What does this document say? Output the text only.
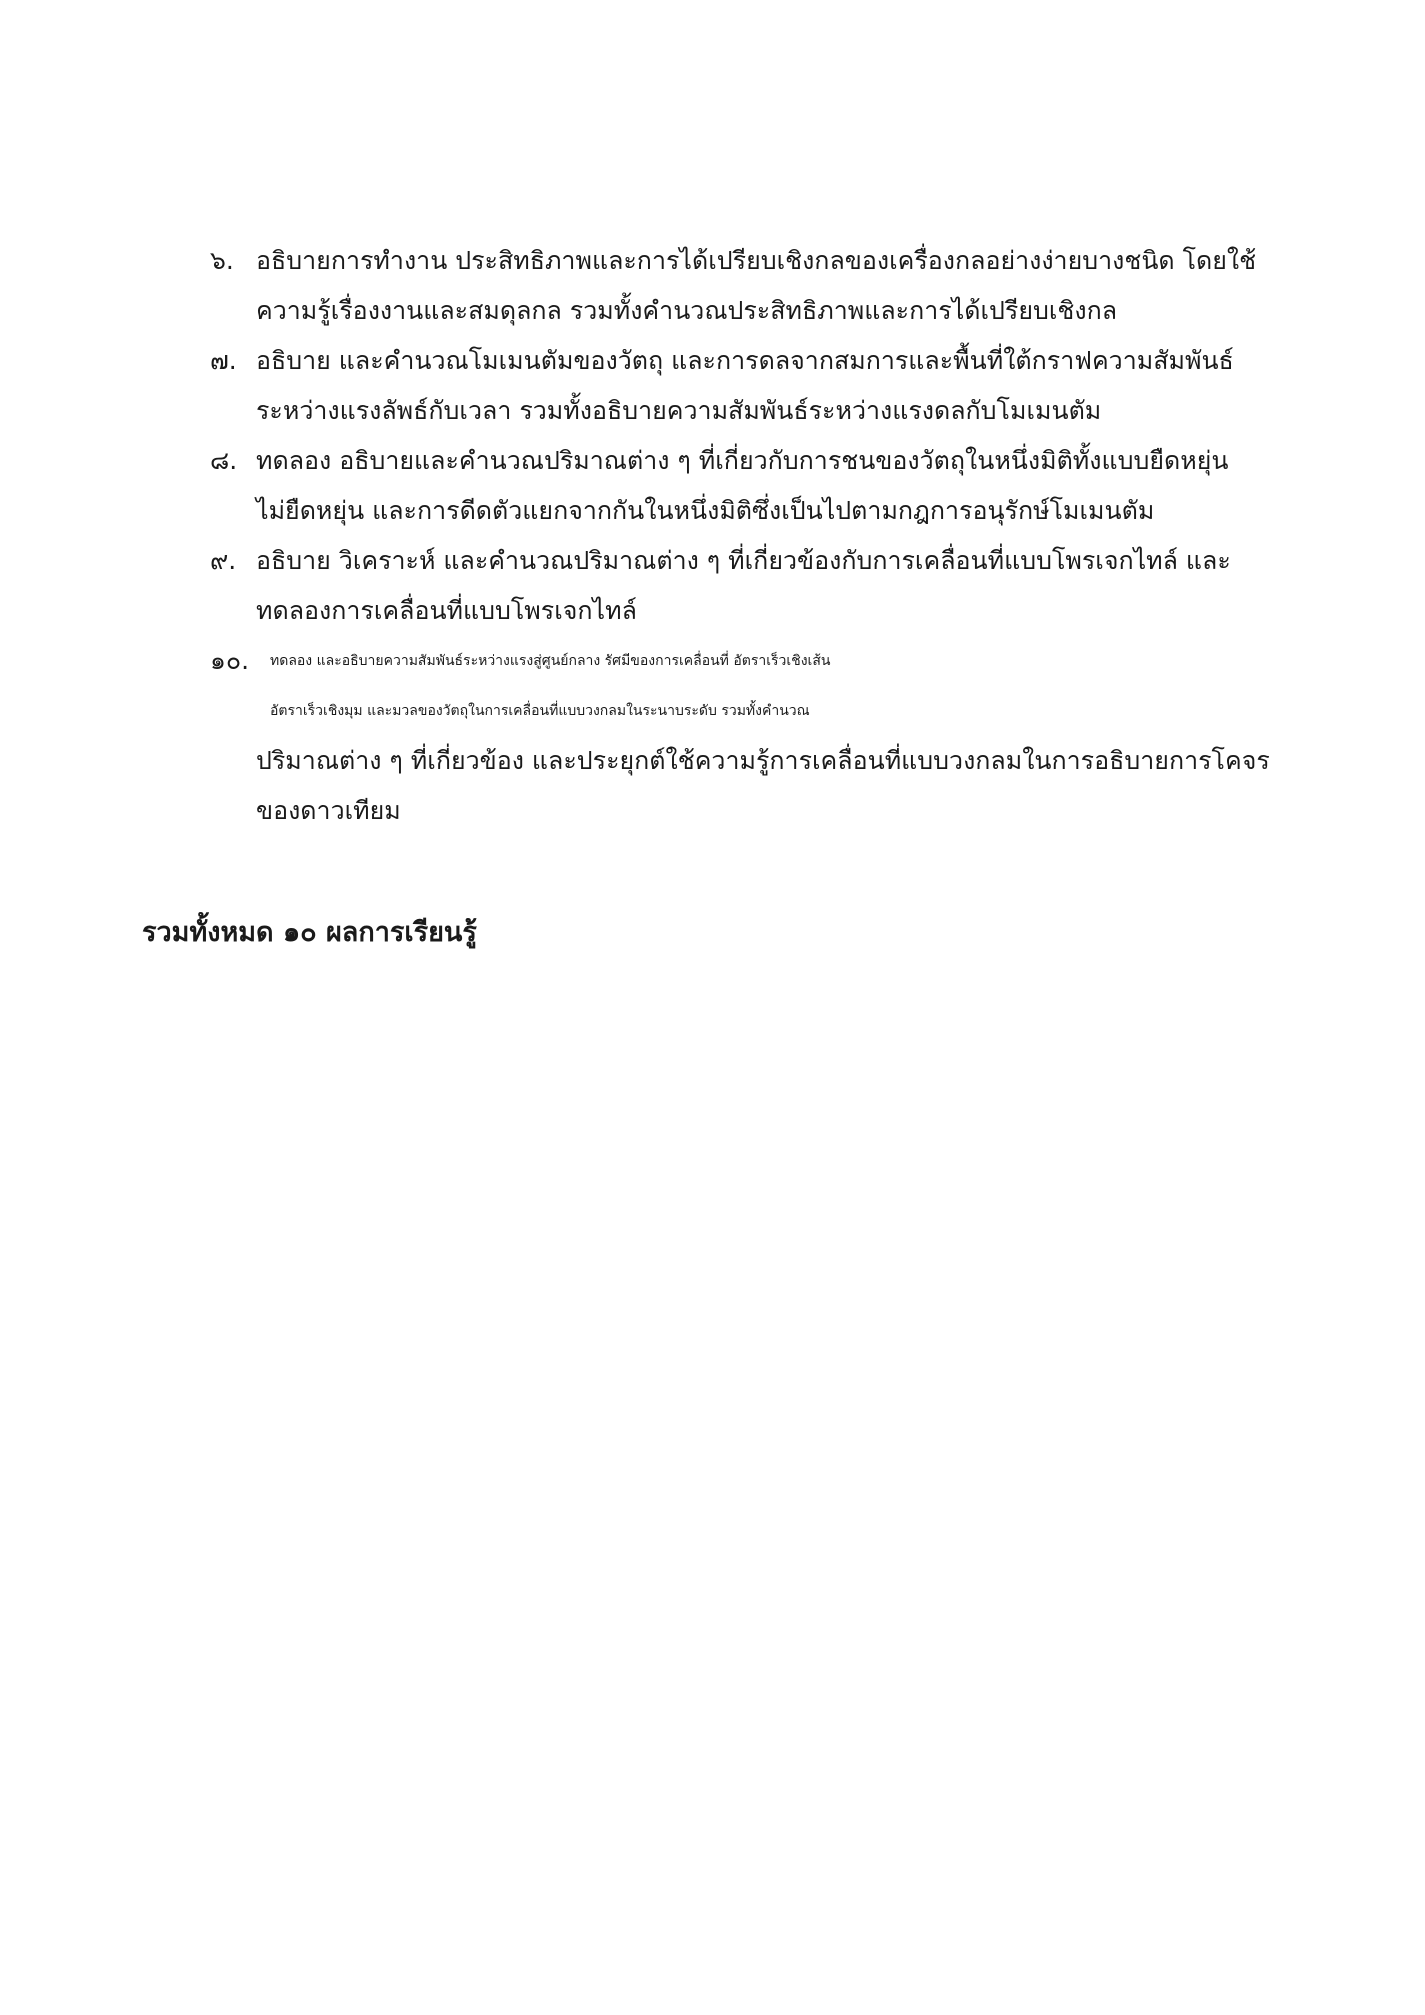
๖. อธิบายการทำงาน ประสิทธิภาพและการได้เปรียบเชิงกลของเครื่องกลอย่างง่ายบางชนิด โดยใช้
ความรู้เรื่องงานและสมดุลกล รวมทั้งคำนวณประสิทธิภาพและการได้เปรียบเชิงกล
๗. อธิบาย และคำนวณโมเมนตัมของวัตถุ และการดลจากสมการและพื้นที่ใต้กราฟความสัมพันธ์
ระหว่างแรงลัพธ์กับเวลา รวมทั้งอธิบายความสัมพันธ์ระหว่างแรงดลกับโมเมนตัม
๘. ทดลอง อธิบายและคำนวณปริมาณต่าง ๆ ที่เกี่ยวกับการชนของวัตถุในหนึ่งมิติทั้งแบบยืดหยุ่น
ไม่ยืดหยุ่น และการดีดตัวแยกจากกันในหนึ่งมิติซึ่งเป็นไปตามกฎการอนุรักษ์โมเมนตัม
๙. อธิบาย วิเคราะห์ และคำนวณปริมาณต่าง ๆ ที่เกี่ยวข้องกับการเคลื่อนที่แบบโพรเจกไทล์ และ
ทดลองการเคลื่อนที่แบบโพรเจกไทล์
๑๐.	ทดลอง และอธิบายความสัมพันธ์ระหว่างแรงสู่ศูนย์กลาง รัศมีของการเคลื่อนที่ อัตราเร็วเชิงเส้น
อัตราเร็วเชิงมุม และมวลของวัตถุในการเคลื่อนที่แบบวงกลมในระนาบระดับ รวมทั้งคำนวณ
ปริมาณต่าง ๆ ที่เกี่ยวข้อง และประยุกต์ใช้ความรู้การเคลื่อนที่แบบวงกลมในการอธิบายการโคจร
ของดาวเทียม
รวมทั้งหมด ๑๐ ผลการเรียนรู้
